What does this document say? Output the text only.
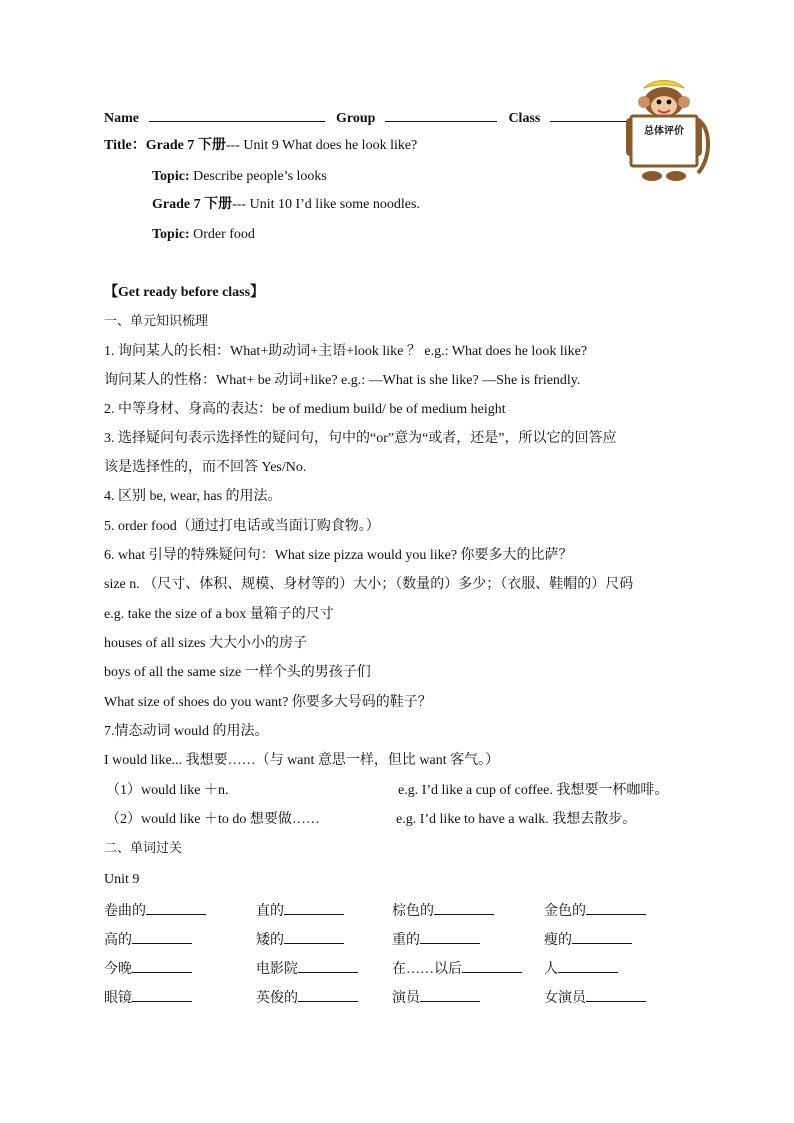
Name	Group	Class
Title：Grade 7 下册--- Unit 9 What does he look like?
Topic: Describe people’s looks
Grade 7 下册--- Unit 10 I’d like some noodles.
Topic: Order food
总体评价
【Get ready before class】
一、单元知识梳理
1. 询问某人的长相：What+助动词+主语+look like ？ e.g.: What does he look like?
询问某人的性格：What+ be 动词+like? e.g.: —What is she like? —She is friendly.
2. 中等身材、身高的表达：be of medium build/ be of medium height
3. 选择疑问句表示选择性的疑问句，句中的“or”意为“或者，还是”，所以它的回答应
该是选择性的，而不回答 Yes/No.
4. 区别 be, wear, has 的用法。
5. order food（通过打电话或当面订购食物。）
6. what 引导的特殊疑问句：What size pizza would you like? 你要多大的比萨？
size n. （尺寸、体积、规模、身材等的）大小；（数量的）多少；（衣服、鞋帽的）尺码
e.g. take the size of a box 量箱子的尺寸
houses of all sizes 大大小小的房子
boys of all the same size 一样个头的男孩子们
What size of shoes do you want? 你要多大号码的鞋子？
7.情态动词 would 的用法。
I would like... 我想要……（与 want 意思一样，但比 want 客气。）
（1）would like ＋n.	e.g. I’d like a cup of coffee. 我想要一杯咖啡。
（2）would like ＋to do 想要做……	e.g. I’d like to have a walk. 我想去散步。
二、单词过关
Unit 9
卷曲的	直的	棕色的	金色的
高的	矮的	重的	瘦的
今晚	电影院	在……以后	人
眼镜	英俊的	演员	女演员
